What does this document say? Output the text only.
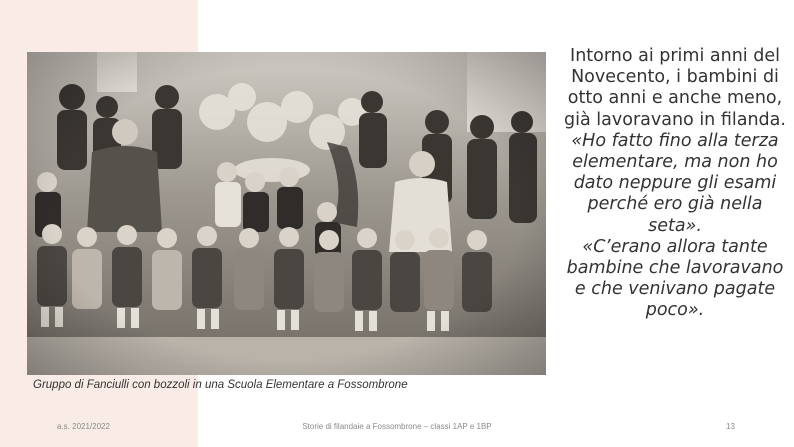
Gruppo di Fanciulli con bozzoli in una Scuola Elementare a Fossombrone
Intorno ai primi anni del Novecento, i bambini di otto anni e anche meno, già lavoravano in filanda.
«Ho fatto fino alla terza elementare, ma non ho dato neppure gli esami perché ero già nella seta».
«C’erano allora tante bambine che lavoravano e che venivano pagate poco».
a.s. 2021/2022	Storie di filandaie a Fossombrone – classi 1AP e 1BP	13
